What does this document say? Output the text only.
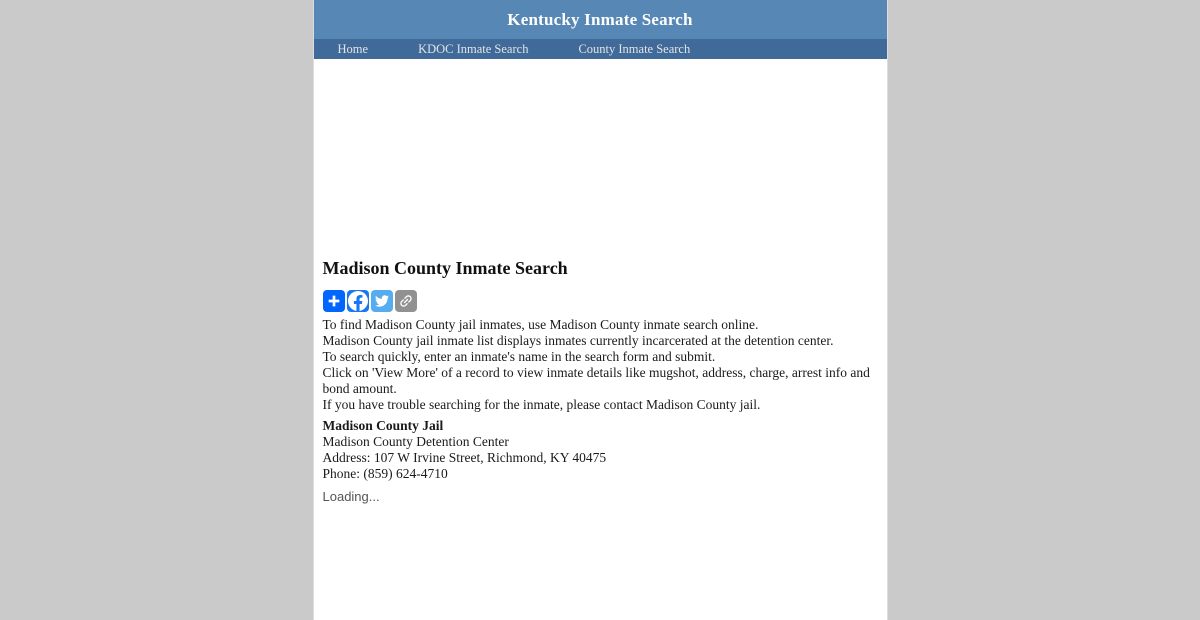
Kentucky Inmate Search
Home	KDOC Inmate Search	County Inmate Search
Madison County Inmate Search

To find Madison County jail inmates, use Madison County inmate search online.

Madison County jail inmate list displays inmates currently incarcerated at the detention center.

To search quickly, enter an inmate's name in the search form and submit.

Click on 'View More' of a record to view inmate details like mugshot, address, charge, arrest info and bond amount.

If you have trouble searching for the inmate, please contact Madison County jail.

Madison County Jail

Madison County Detention Center

Address: 107 W Irvine Street, Richmond, KY 40475

Phone: (859) 624-4710

Loading...
